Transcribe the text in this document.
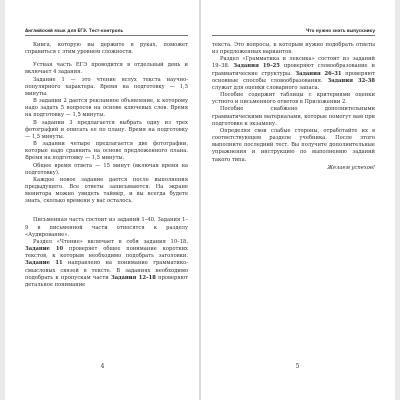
Английский язык для ЕГЭ. Тест-контроль

Книга, которую вы держите в руках, поможет справиться с этим уровнем сложности.

Устная часть ЕГЭ проводится в отдельный день и включает 4 задания.

Задание 1 — это чтение вслух текста научно-популярного характера. Время на подготовку — 1,5 минуты.

В задании 2 дается рекламное объявление, к которому надо задать 5 вопросов на основе ключевых слов. Время на подготовку — 1,5 минуты.

В задании 3 предлагается выбрать одну из трех фотографий и описать ее по плану. Время на подготовку — 1,5 минуты.

В задании четыре предлагается две фотографии, которые надо сравнить на основе предложенного плана. Время на подготовку — 1,5 минуты.

Общее время ответа — 15 минут (включая время на подготовку).

Каждое новое задание дается после выполнения предыдущего. Все ответы записываются. На экране монитора можно увидеть таймер, и вы всегда будете знать, сколько времени у вас осталось.

Письменная часть состоит из заданий 1–40. Задания 1–9 в письменной части относятся к разделу «Аудирование».

Раздел «Чтение» включает в себя задания 10–18. Задание 10 проверяет общее понимание коротких текстов, к которым необходимо подобрать заголовки. Задание 11 направлено на понимание грамматико-смысловых связей в тексте. В заданиях необходимо подобрать к пропускам части Задания 12–18 проверяют детальное понимание

4
Что нужно знать выпускнику

текста. Это вопросы, к которым нужно подобрать ответы из предложенных вариантов.

Раздел «Грамматика и лексика» состоит из заданий 19–38. Задания 19–25 проверяют словообразование и грамматические структуры. Задания 26–31 проверяют основные способы словообразования. Задания 32–38 служат для оценки словарного запаса.

Пособие содержит таблицы с критериями оценки устного и письменного ответов в Приложении 2.

Пособие снабжено дополнительными грамматическими материалами, которые помогут вам при подготовке к экзамену.

Определяя свои слабые стороны, отработайте их в соответствующем разделе учебника. После этого выполните последний тест. Вы получите дополнительные упражнения и инструкцию по выполнению заданий такого типа.

Желаем успехов!

5
